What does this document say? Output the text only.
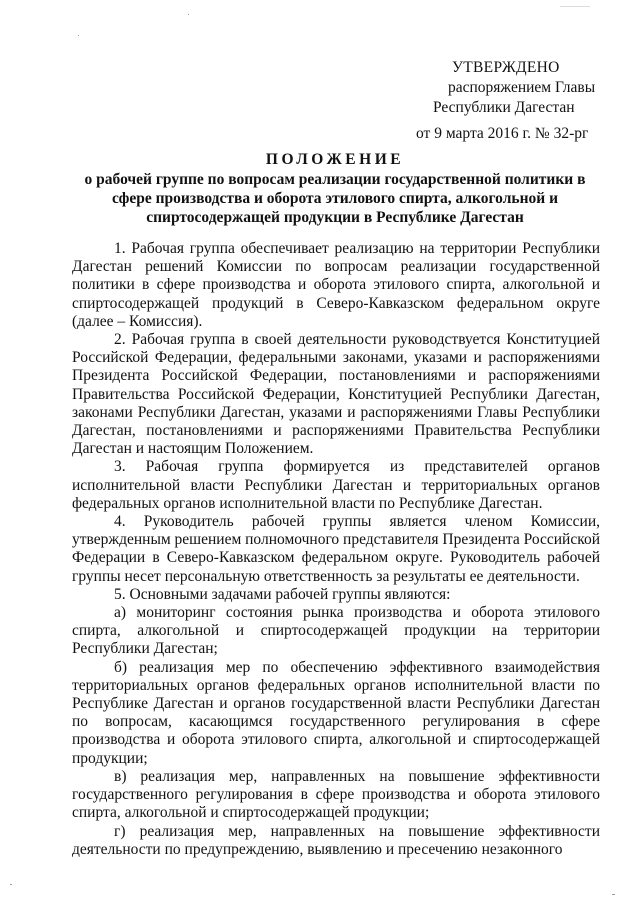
УТВЕРЖДЕНО
распоряжением Главы
Республики Дагестан
от 9 марта 2016 г. № 32-рг
ПОЛОЖЕНИЕ
о рабочей группе по вопросам реализации государственной политики в сфере производства и оборота этилового спирта, алкогольной и спиртосодержащей продукции в Республике Дагестан

1. Рабочая группа обеспечивает реализацию на территории Республики Дагестан решений Комиссии по вопросам реализации государственной политики в сфере производства и оборота этилового спирта, алкогольной и спиртосодержащей продукций в Северо-Кавказском федеральном округе (далее – Комиссия).

2. Рабочая группа в своей деятельности руководствуется Конституцией Российской Федерации, федеральными законами, указами и распоряжениями Президента Российской Федерации, постановлениями и распоряжениями Правительства Российской Федерации, Конституцией Республики Дагестан, законами Республики Дагестан, указами и распоряжениями Главы Республики Дагестан, постановлениями и распоряжениями Правительства Республики Дагестан и настоящим Положением.

3. Рабочая группа формируется из представителей органов исполнительной власти Республики Дагестан и территориальных органов федеральных органов исполнительной власти по Республике Дагестан.

4. Руководитель рабочей группы является членом Комиссии, утвержденным решением полномочного представителя Президента Российской Федерации в Северо-Кавказском федеральном округе. Руководитель рабочей группы несет персональную ответственность за результаты ее деятельности.

5. Основными задачами рабочей группы являются:

а) мониторинг состояния рынка производства и оборота этилового спирта, алкогольной и спиртосодержащей продукции на территории Республики Дагестан;

б) реализация мер по обеспечению эффективного взаимодействия территориальных органов федеральных органов исполнительной власти по Республике Дагестан и органов государственной власти Республики Дагестан по вопросам, касающимся государственного регулирования в сфере производства и оборота этилового спирта, алкогольной и спиртосодержащей продукции;

в) реализация мер, направленных на повышение эффективности государственного регулирования в сфере производства и оборота этилового спирта, алкогольной и спиртосодержащей продукции;

г) реализация мер, направленных на повышение эффективности деятельности по предупреждению, выявлению и пресечению незаконного
